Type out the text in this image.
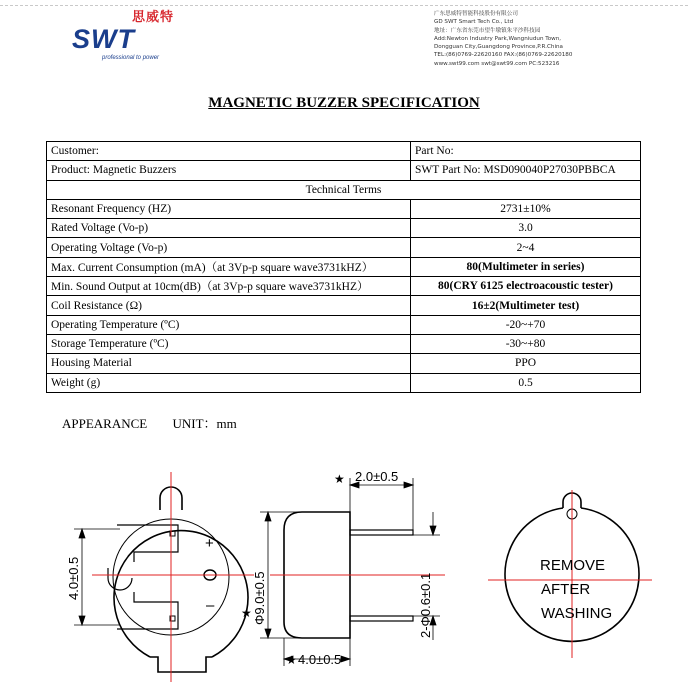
思威特
SWT
professional to power
广东思威特智能科技股份有限公司
GD SWT Smart Tech Co., Ltd
地址：广东省东莞市望牛墩镇朱平沙科技园
Add:Newton Industry Park,Wangniudun Town,
Dongguan City,Guangdong Province,P.R.China
TEL:(86)0769-22620160 FAX:(86)0769-22620180
www.swt99.com swt@swt99.com PC:523216
MAGNETIC BUZZER SPECIFICATION
Customer:	Part No:
Product: Magnetic Buzzers	SWT Part No: MSD090040P27030PBBCA
Technical Terms	
Resonant Frequency (HZ)	2731±10%
Rated Voltage (Vo-p)	3.0
Operating Voltage (Vo-p)	2~4
Max. Current Consumption (mA)（at 3Vp-p square wave3731kHZ）	80(Multimeter in series)
Min. Sound Output at 10cm(dB)（at 3Vp-p square wave3731kHZ）	80(CRY 6125 electroacoustic tester)
Coil Resistance (Ω)	16±2(Multimeter test)
Operating Temperature (ºC)	-20~+70
Storage Temperature (ºC)	-30~+80
Housing Material	PPO
Weight (g)	0.5
APPEARANCE UNIT：mm
+
–
4.0±0.5	Φ9.0±0.5
★
★ 2.0±0.5
2-Φ0.6±0.1
★ 4.0±0.5
REMOVE
AFTER
WASHING
